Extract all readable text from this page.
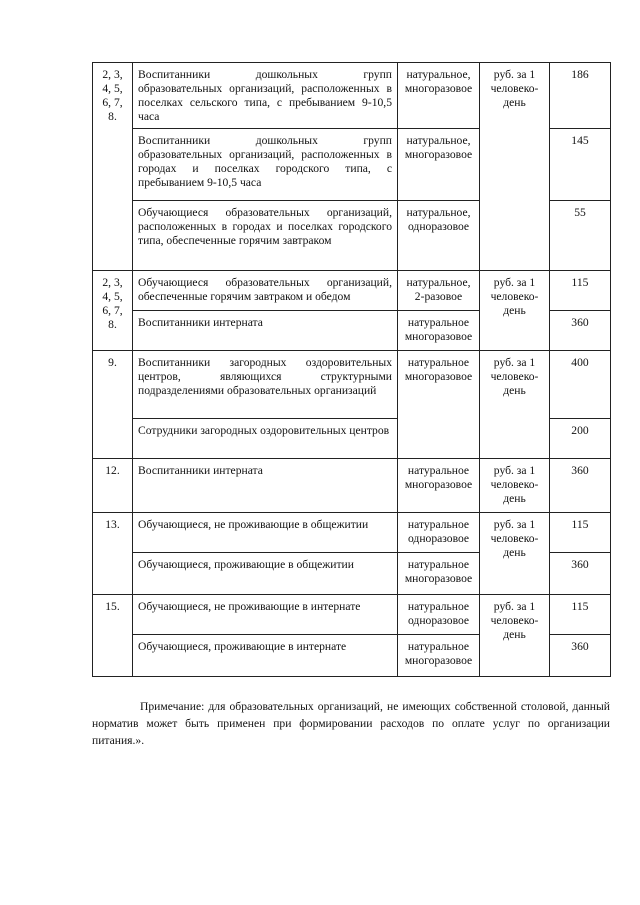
2, 3, 4, 5, 6, 7, 8.	Воспитанники дошкольных групп образовательных организаций, расположенных в поселках сельского типа, с пребыванием 9-10,5 часа	натуральное, многоразовое	руб. за 1 человеко-день	186
	Воспитанники дошкольных групп образовательных организаций, расположенных в городах и поселках городского типа, с пребыванием 9-10,5 часа	натуральное, многоразовое		145
	Обучающиеся образовательных организаций, расположенных в городах и поселках городского типа, обеспеченные горячим завтраком	натуральное, одноразовое		55
2, 3, 4, 5, 6, 7, 8.	Обучающиеся образовательных организаций, обеспеченные горячим завтраком и обедом	натуральное, 2-разовое	руб. за 1 человеко-день	115
	Воспитанники интерната	натуральное многоразовое		360
9.	Воспитанники загородных оздоровительных центров, являющихся структурными подразделениями образовательных организаций	натуральное многоразовое	руб. за 1 человеко-день	400
	Сотрудники загородных оздоровительных центров			200
12.	Воспитанники интерната	натуральное многоразовое	руб. за 1 человеко-день	360
13.	Обучающиеся, не проживающие в общежитии	натуральное одноразовое	руб. за 1 человеко-день	115
	Обучающиеся, проживающие в общежитии	натуральное многоразовое		360
15.	Обучающиеся, не проживающие в интернате	натуральное одноразовое	руб. за 1 человеко-день	115
	Обучающиеся, проживающие в интернате	натуральное многоразовое		360

Примечание: для образовательных организаций, не имеющих собственной столовой, данный норматив может быть применен при формировании расходов по оплате услуг по организации питания.».
